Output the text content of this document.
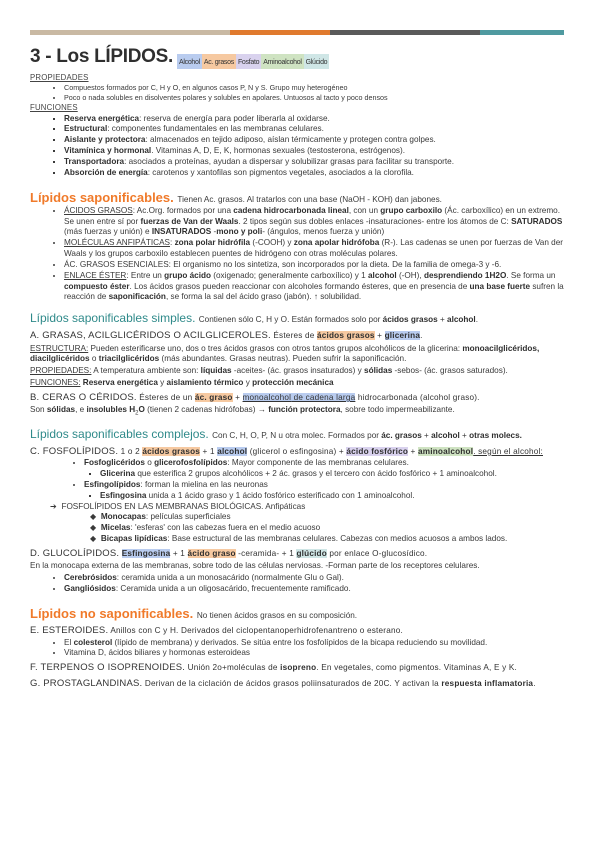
3 - Los LÍPIDOS. Alcohol Ac. grasos Fosfato Aminoalcohol Glúcido
PROPIEDADES
• Compuestos formados por C, H y O, en algunos casos P, N y S. Grupo muy heterogéneo
• Poco o nada solubles en disolventes polares y solubles en apolares. Untuosos al tacto y poco densos
FUNCIONES
▪ Reserva energética: reserva de energía para poder liberarla al oxidarse.
▪ Estructural: componentes fundamentales en las membranas celulares.
▪ Aislante y protectora: almacenados en tejido adiposo, aíslan térmicamente y protegen contra golpes.
▪ Vitamínica y hormonal. Vitaminas A, D, E, K, hormonas sexuales (testosterona, estrógenos).
▪ Transportadora: asociados a proteínas, ayudan a dispersar y solubilizar grasas para facilitar su transporte.
▪ Absorción de energía: carotenos y xantofilas son pigmentos vegetales, asociados a la clorofila.
Lípidos saponificables. Tienen Ac. grasos. Al tratarlos con una base (NaOH - KOH) dan jabones.
• ÁCIDOS GRASOS: Ac.Org. formados por una cadena hidrocarbonada lineal, con un grupo carboxilo (Ác. carboxílico) en un extremo. Se unen entre sí por fuerzas de Van der Waals. 2 tipos según sus dobles enlaces -insaturaciones- entre los átomos de C: SATURADOS (más fuerzas y unión) e INSATURADOS -mono y poli- (ángulos, menos fuerza y unión)
• MOLÉCULAS ANFIPÁTICAS: zona polar hidrófila (-COOH) y zona apolar hidrófoba (R-). Las cadenas se unen por fuerzas de Van der Waals y los grupos carboxilo establecen puentes de hidrógeno con otras moléculas polares.
• ÁC. GRASOS ESENCIALES: El organismo no los sintetiza, son incorporados por la dieta. De la familia de omega-3 y -6.
• ENLACE ÉSTER: Entre un grupo ácido (oxigenado; generalmente carboxílico) y 1 alcohol (-OH), desprendiendo 1H2O. Se forma un compuesto éster. Los ácidos grasos pueden reaccionar con alcoholes formando ésteres, que en presencia de una base fuerte sufren la reacción de saponificación, se forma la sal del ácido graso (jabón). ↑ solubilidad.
Lípidos saponificables simples. Contienen sólo C, H y O. Están formados solo por ácidos grasos + alcohol.
A. GRASAS, ACILGLICÉRIDOS O ACILGLICEROLES. Ésteres de ácidos grasos + glicerina.
ESTRUCTURA: Pueden esterificarse uno, dos o tres ácidos grasos con otros tantos grupos alcohólicos de la glicerina: monoacilglicéridos, diacilglicéridos o triacilglicéridos (más abundantes. Grasas neutras). Pueden sufrir la saponificación.
PROPIEDADES: A temperatura ambiente son: líquidas -aceites- (ác. grasos insaturados) y sólidas -sebos- (ác. grasos saturados).
FUNCIONES: Reserva energética y aislamiento térmico y protección mecánica
B. CERAS O CÉRIDOS. Ésteres de un ác. graso + monoalcohol de cadena larga hidrocarbonada (alcohol graso).
Son sólidas, e insolubles $H_2O$ (tienen 2 cadenas hidrófobas) → función protectora, sobre todo impermeabilizante.
Lípidos saponificables complejos. Con C, H, O, P, N u otra molec. Formados por ác. grasos + alcohol + otras molecs.
C. FOSFOLÍPIDOS. 1 o 2 ácidos grasos + 1 alcohol (glicerol o esfingosina) + ácido fosfórico + aminoalcohol. según el alcohol:
• Fosfoglicéridos o glicerofosfolípidos: Mayor componente de las membranas celulares.
▪ Glicerina que esterifica 2 grupos alcohólicos + 2 ác. grasos y el tercero con ácido fosfórico + 1 aminoalcohol.
• Esfingolípidos: forman la mielina en las neuronas
▪ Esfingosina unida a 1 ácido graso y 1 ácido fosfórico esterificado con 1 aminoalcohol.
➔ FOSFOLÍPIDOS EN LAS MEMBRANAS BIOLÓGICAS. Anfipáticas
◆ Monocapas: películas superficiales
◆ Micelas: 'esferas' con las cabezas fuera en el medio acuoso
◆ Bicapas lipídicas: Base estructural de las membranas celulares. Cabezas con medios acuosos a ambos lados.
D. GLUCOLÍPIDOS. Esfingosina + 1 ácido graso -ceramida- + 1 glúcido por enlace O-glucosídico.
En la monocapa externa de las membranas, sobre todo de las células nerviosas. -Forman parte de los receptores celulares.
• Cerebrósidos: ceramida unida a un monosacárido (normalmente Glu o Gal).
• Gangliósidos: Ceramida unida a un oligosacárido, frecuentemente ramificado.
Lípidos no saponificables. No tienen ácidos grasos en su composición.
E. ESTEROIDES. Anillos con C y H. Derivados del ciclopentanoperhidrofenantreno o esterano.
• El colesterol (lípido de membrana) y derivados. Se sitúa entre los fosfolípidos de la bicapa reduciendo su movilidad.
• Vitamina D, ácidos biliares y hormonas esteroideas
F. TERPENOS O ISOPRENOIDES. Unión 2o+moléculas de isopreno. En vegetales, como pigmentos. Vitaminas A, E y K.
G. PROSTAGLANDINAS. Derivan de la ciclación de ácidos grasos poliinsaturados de 20C. Y activan la respuesta inflamatoria.
